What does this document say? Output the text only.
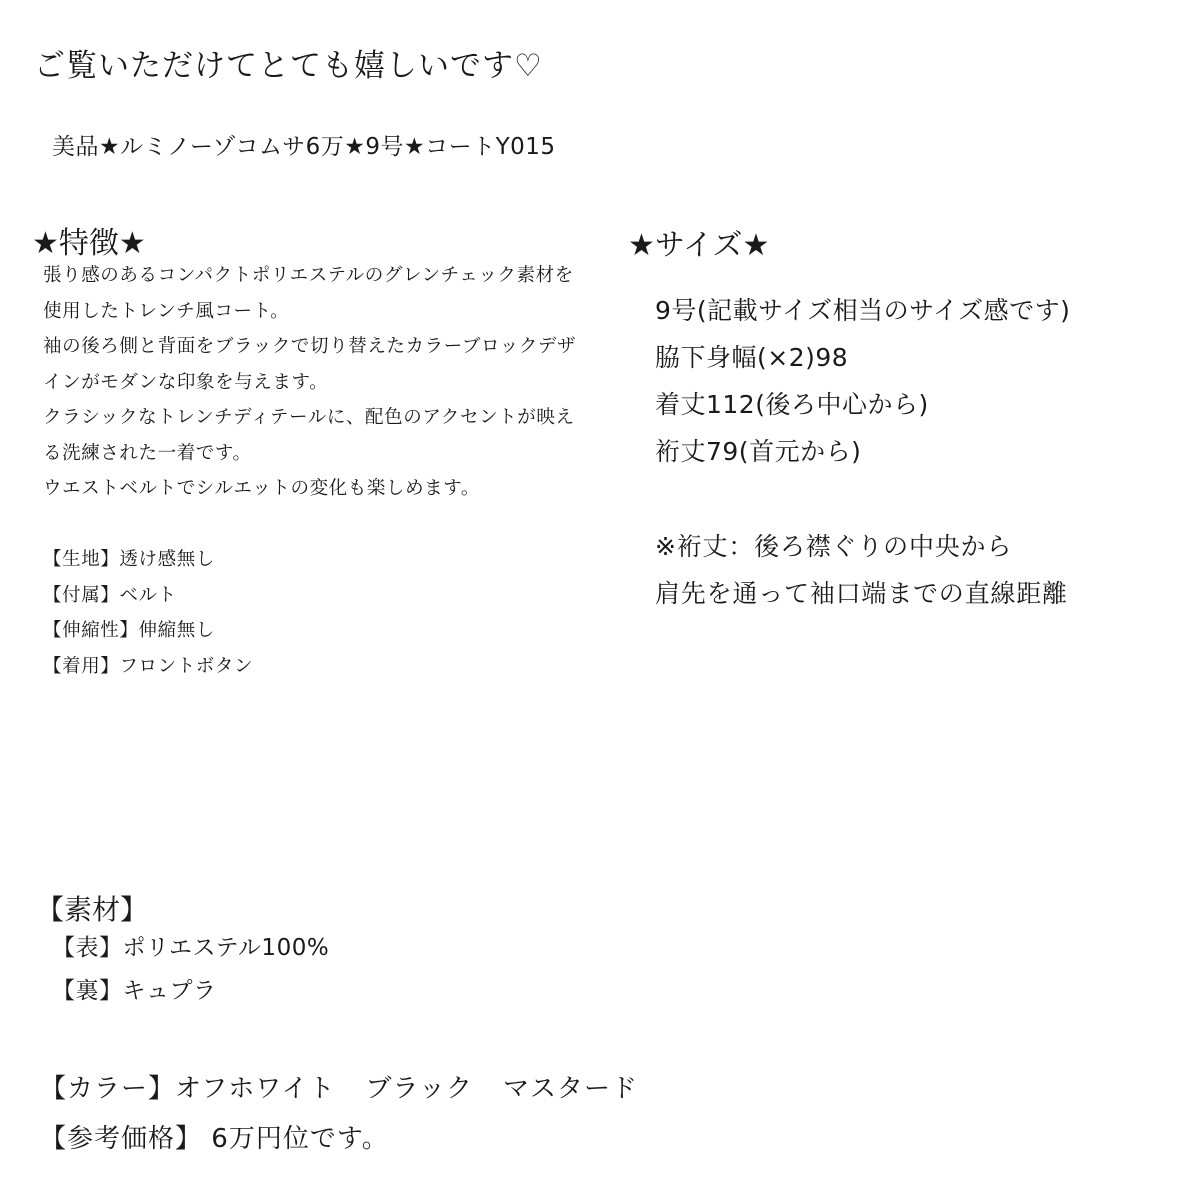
ご覧いただけてとても嬉しいです♡
美品★ルミノーゾコムサ6万★9号★コートY015
★特徴★
張り感のあるコンパクトポリエステルのグレンチェック素材を
使用したトレンチ風コート。
袖の後ろ側と背面をブラックで切り替えたカラーブロックデザ
インがモダンな印象を与えます。
クラシックなトレンチディテールに、配色のアクセントが映え
る洗練された一着です。
ウエストベルトでシルエットの変化も楽しめます。
【生地】透け感無し
【付属】ベルト
【伸縮性】伸縮無し
【着用】フロントボタン
★サイズ★
9号(記載サイズ相当のサイズ感です)
脇下身幅(×2)98
着丈112(後ろ中心から)
裄丈79(首元から)
※裄丈：後ろ襟ぐりの中央から
肩先を通って袖口端までの直線距離
【素材】
【表】ポリエステル100%
【裏】キュプラ
【カラー】オフホワイト ブラック マスタード
【参考価格】 6万円位です。
